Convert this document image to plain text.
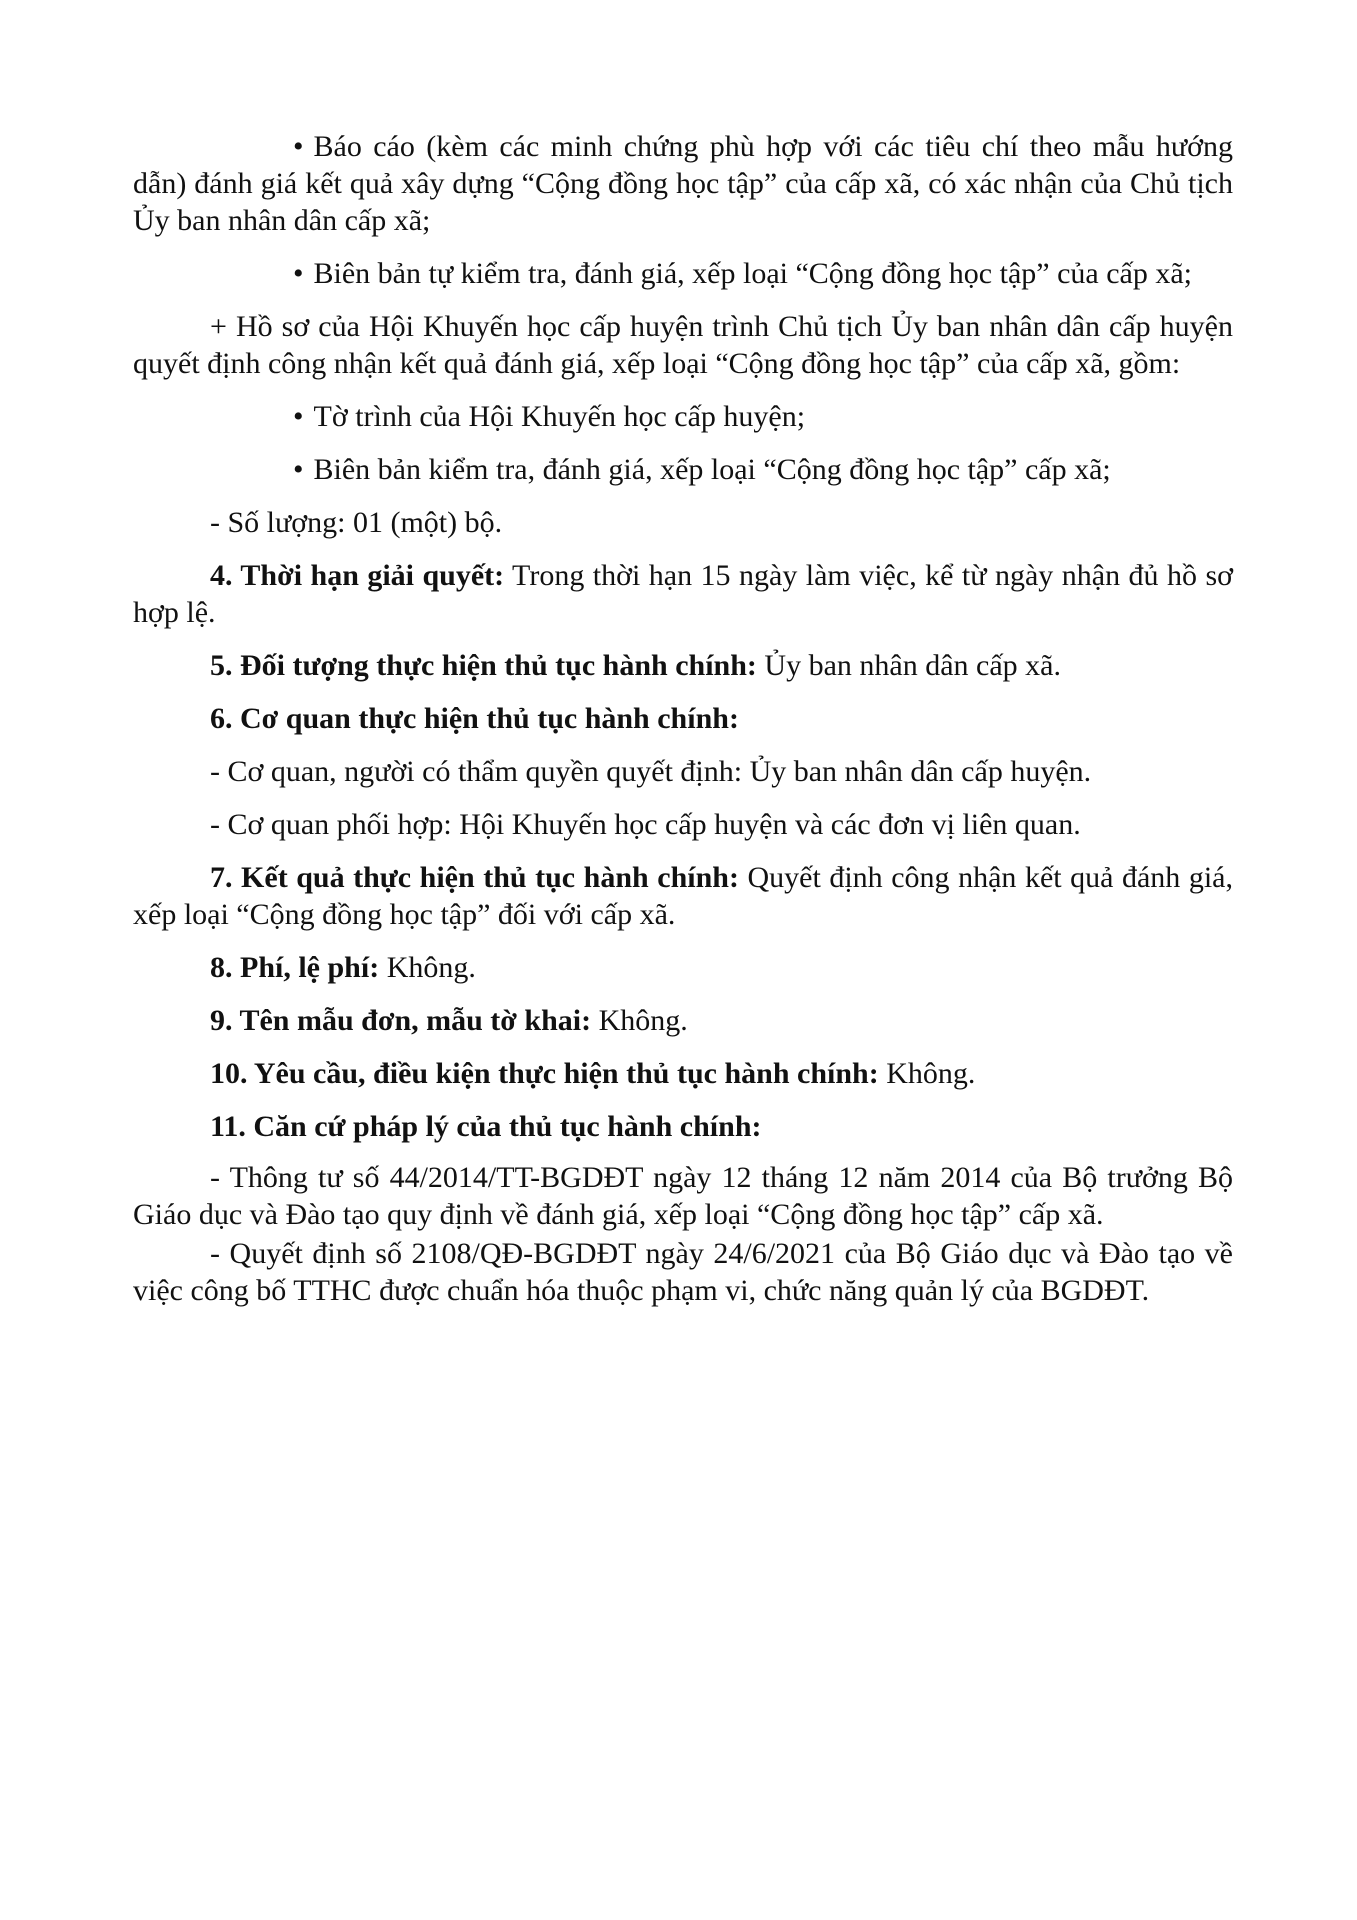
• Báo cáo (kèm các minh chứng phù hợp với các tiêu chí theo mẫu hướng dẫn) đánh giá kết quả xây dựng “Cộng đồng học tập” của cấp xã, có xác nhận của Chủ tịch Ủy ban nhân dân cấp xã;

• Biên bản tự kiểm tra, đánh giá, xếp loại “Cộng đồng học tập” của cấp xã;

+ Hồ sơ của Hội Khuyến học cấp huyện trình Chủ tịch Ủy ban nhân dân cấp huyện quyết định công nhận kết quả đánh giá, xếp loại “Cộng đồng học tập” của cấp xã, gồm:

• Tờ trình của Hội Khuyến học cấp huyện;

• Biên bản kiểm tra, đánh giá, xếp loại “Cộng đồng học tập” cấp xã;

- Số lượng: 01 (một) bộ.

4. Thời hạn giải quyết: Trong thời hạn 15 ngày làm việc, kể từ ngày nhận đủ hồ sơ hợp lệ.

5. Đối tượng thực hiện thủ tục hành chính: Ủy ban nhân dân cấp xã.

6. Cơ quan thực hiện thủ tục hành chính:

- Cơ quan, người có thẩm quyền quyết định: Ủy ban nhân dân cấp huyện.

- Cơ quan phối hợp: Hội Khuyến học cấp huyện và các đơn vị liên quan.

7. Kết quả thực hiện thủ tục hành chính: Quyết định công nhận kết quả đánh giá, xếp loại “Cộng đồng học tập” đối với cấp xã.

8. Phí, lệ phí: Không.

9. Tên mẫu đơn, mẫu tờ khai: Không.

10. Yêu cầu, điều kiện thực hiện thủ tục hành chính: Không.

11. Căn cứ pháp lý của thủ tục hành chính:

- Thông tư số 44/2014/TT-BGDĐT ngày 12 tháng 12 năm 2014 của Bộ trưởng Bộ Giáo dục và Đào tạo quy định về đánh giá, xếp loại “Cộng đồng học tập” cấp xã.

- Quyết định số 2108/QĐ-BGDĐT ngày 24/6/2021 của Bộ Giáo dục và Đào tạo về việc công bố TTHC được chuẩn hóa thuộc phạm vi, chức năng quản lý của BGDĐT.
